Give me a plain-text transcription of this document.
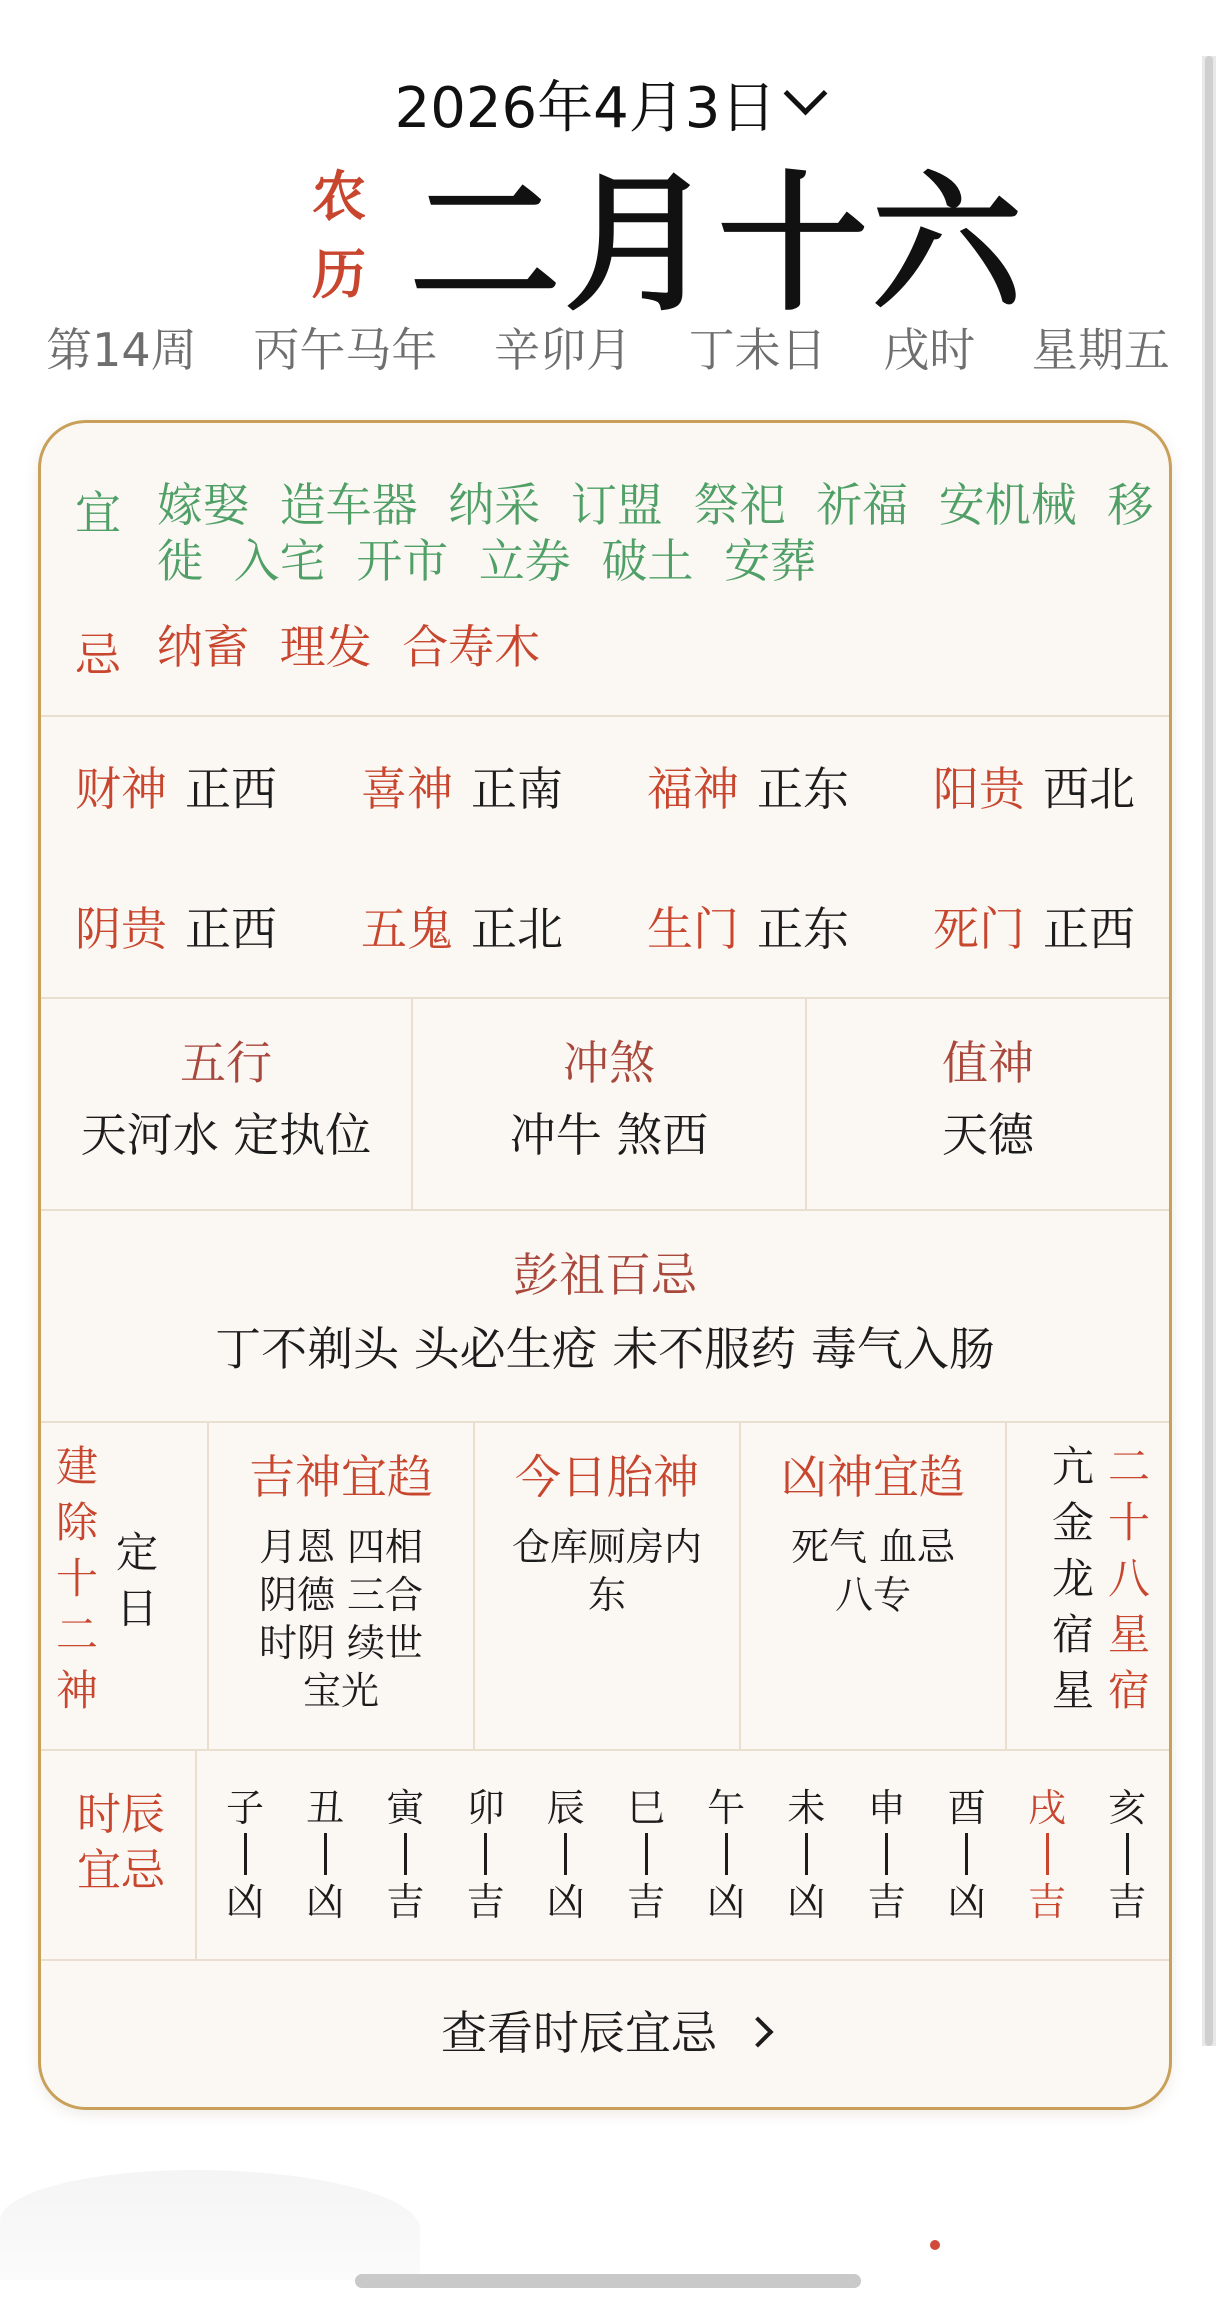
2026年4月3日
农
历 二月十六
第14周 丙午马年 辛卯月 丁未日 戌时 星期五
宜 嫁娶 造车器 纳采 订盟 祭祀 祈福 安机械 移徙 入宅 开市 立券 破土 安葬
忌 纳畜 理发 合寿木
财神 正西 喜神 正南 福神 正东 阳贵 西北
阴贵 正西 五鬼 正北 生门 正东 死门 正西
五行
天河水 定执位
冲煞
冲牛 煞西
值神
天德
彭祖百忌
丁不剃头 头必生疮 未不服药 毒气入肠
建除十二神
定日
吉神宜趋
月恩 四相
阴德 三合
时阴 续世
宝光
今日胎神
仓库厕房内
东
凶神宜趋
死气 血忌
八专
亢金龙宿星
二十八星宿
时辰宜忌
子
凶
丑
凶
寅
吉
卯
吉
辰
凶
巳
吉
午
凶
未
凶
申
吉
酉
凶
戌
吉
亥
吉
查看时辰宜忌
